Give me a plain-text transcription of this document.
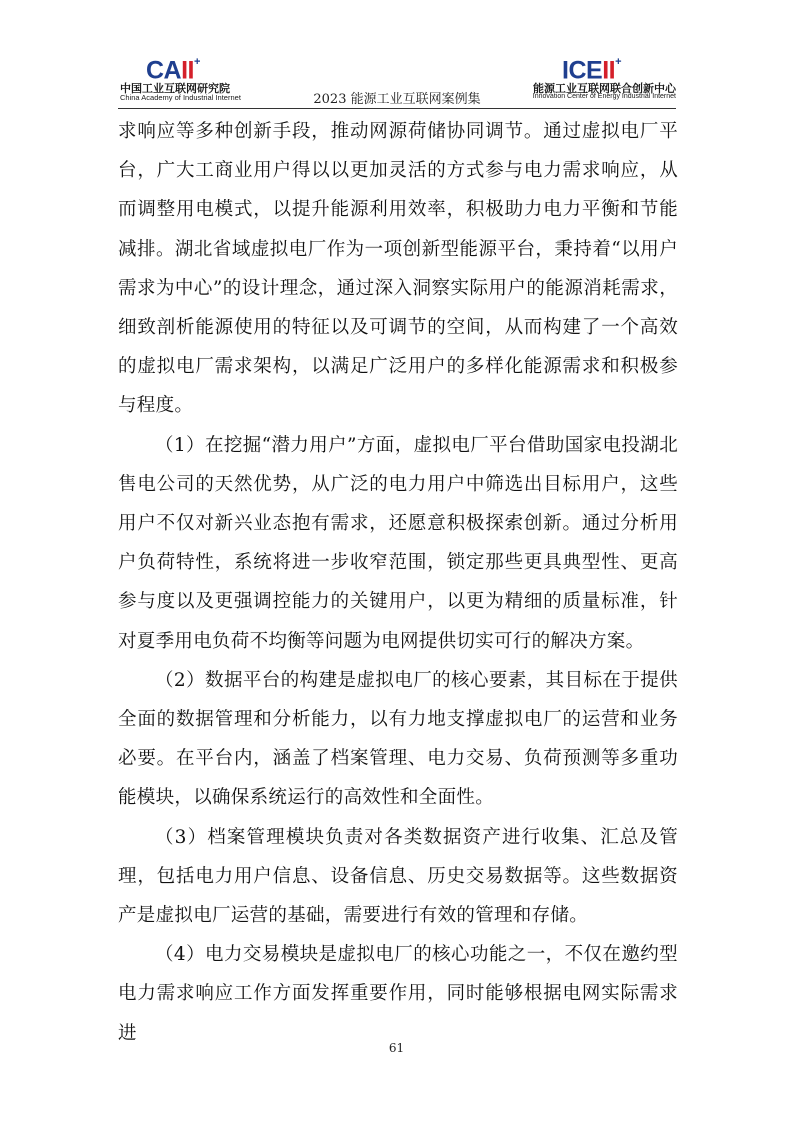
CAII+
中国工业互联网研究院
China Academy of Industrial Internet	2023 能源工业互联网案例集
ICEII+
能源工业互联网联合创新中心
Innovation Center of Energy Industrial Internet

求响应等多种创新手段，推动网源荷储协同调节。通过虚拟电厂平台，广大工商业用户得以以更加灵活的方式参与电力需求响应，从而调整用电模式，以提升能源利用效率，积极助力电力平衡和节能减排。湖北省域虚拟电厂作为一项创新型能源平台，秉持着“以用户需求为中心”的设计理念，通过深入洞察实际用户的能源消耗需求，细致剖析能源使用的特征以及可调节的空间，从而构建了一个高效的虚拟电厂需求架构，以满足广泛用户的多样化能源需求和积极参与程度。

（1）在挖掘“潜力用户”方面，虚拟电厂平台借助国家电投湖北售电公司的天然优势，从广泛的电力用户中筛选出目标用户，这些用户不仅对新兴业态抱有需求，还愿意积极探索创新。通过分析用户负荷特性，系统将进一步收窄范围，锁定那些更具典型性、更高参与度以及更强调控能力的关键用户，以更为精细的质量标准，针对夏季用电负荷不均衡等问题为电网提供切实可行的解决方案。

（2）数据平台的构建是虚拟电厂的核心要素，其目标在于提供全面的数据管理和分析能力，以有力地支撑虚拟电厂的运营和业务必要。在平台内，涵盖了档案管理、电力交易、负荷预测等多重功能模块，以确保系统运行的高效性和全面性。

（3）档案管理模块负责对各类数据资产进行收集、汇总及管理，包括电力用户信息、设备信息、历史交易数据等。这些数据资产是虚拟电厂运营的基础，需要进行有效的管理和存储。

（4）电力交易模块是虚拟电厂的核心功能之一，不仅在邀约型电力需求响应工作方面发挥重要作用，同时能够根据电网实际需求进

61
